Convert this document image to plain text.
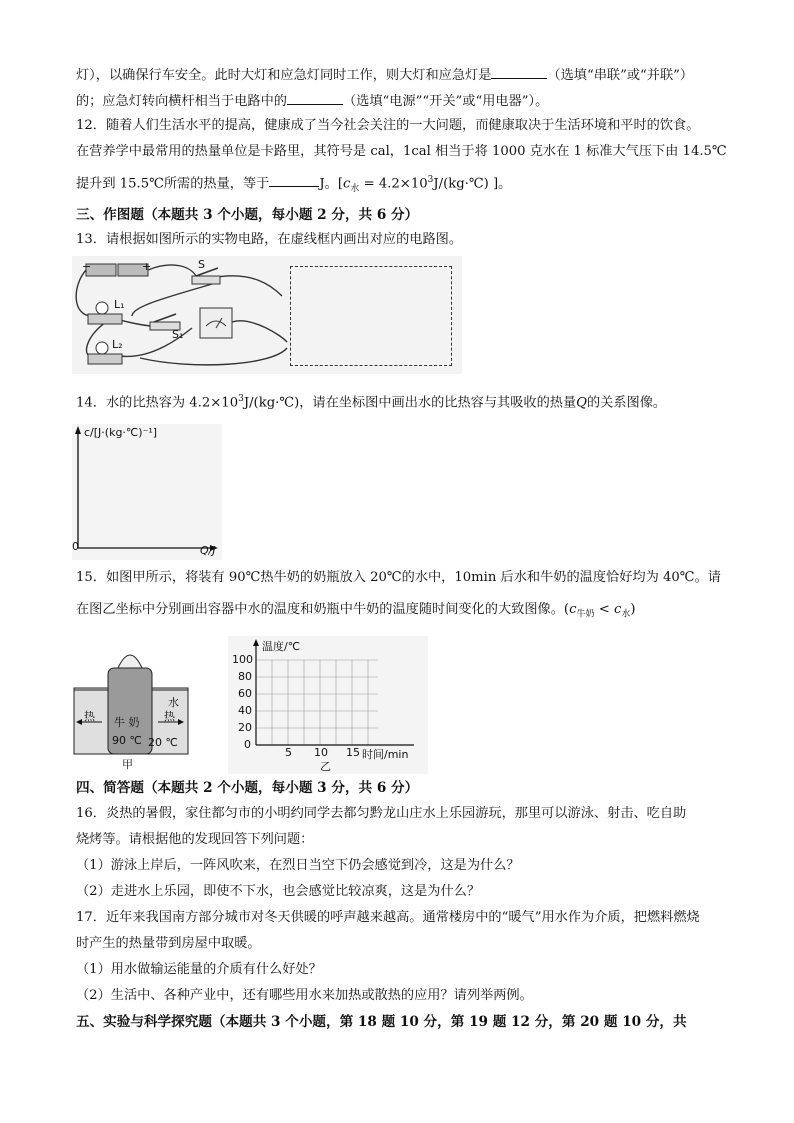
灯），以确保行车安全。此时大灯和应急灯同时工作，则大灯和应急灯是	（选填“串联”或“并联”）
的；应急灯转向横杆相当于电路中的	（选填“电源”“开关”或“用电器”）。
12．随着人们生活水平的提高，健康成了当今社会关注的一大问题，而健康取决于生活环境和平时的饮食。
在营养学中最常用的热量单位是卡路里，其符号是 cal，1cal 相当于将 1000 克水在 1 标准大气压下由 14.5℃
提升到 15.5℃所需的热量，等于	J。[$c_水$ = $4.2\times 10^3J/(kg\cdot℃)$ ]。
三、作图题（本题共 3 个小题，每小题 2 分，共 6 分）
13．请根据如图所示的实物电路，在虚线框内画出对应的电路图。
−	+	S
L₁
S₁
L₂
14．水的比热容为 $4.2\times 10^3J/(kg\cdot℃)$，请在坐标图中画出水的比热容与其吸收的热量Q的关系图像。
c/[J·(kg·℃)⁻¹]
0	Q/J
15．如图甲所示，将装有 90℃热牛奶的奶瓶放入 20℃的水中，10min 后水和牛奶的温度恰好均为 40℃。请
在图乙坐标中分别画出容器中水的温度和奶瓶中牛奶的温度随时间变化的大致图像。$(c_{牛奶} < c_水)$
水
热 牛 奶 热
90 ℃ 20 ℃
甲
温度/℃
100
80
60
40
20
0
5 10 15 时间/min
乙
四、简答题（本题共 2 个小题，每小题 3 分，共 6 分）
16．炎热的暑假，家住都匀市的小明约同学去都匀黔龙山庄水上乐园游玩，那里可以游泳、射击、吃自助
烧烤等。请根据他的发现回答下列问题：
（1）游泳上岸后，一阵风吹来，在烈日当空下仍会感觉到冷，这是为什么？
（2）走进水上乐园，即使不下水，也会感觉比较凉爽，这是为什么？
17．近年来我国南方部分城市对冬天供暖的呼声越来越高。通常楼房中的“暖气”用水作为介质，把燃料燃烧
时产生的热量带到房屋中取暖。
（1）用水做输运能量的介质有什么好处？
（2）生活中、各种产业中，还有哪些用水来加热或散热的应用？请列举两例。
五、实验与科学探究题（本题共 3 个小题，第 18 题 10 分，第 19 题 12 分，第 20 题 10 分，共
